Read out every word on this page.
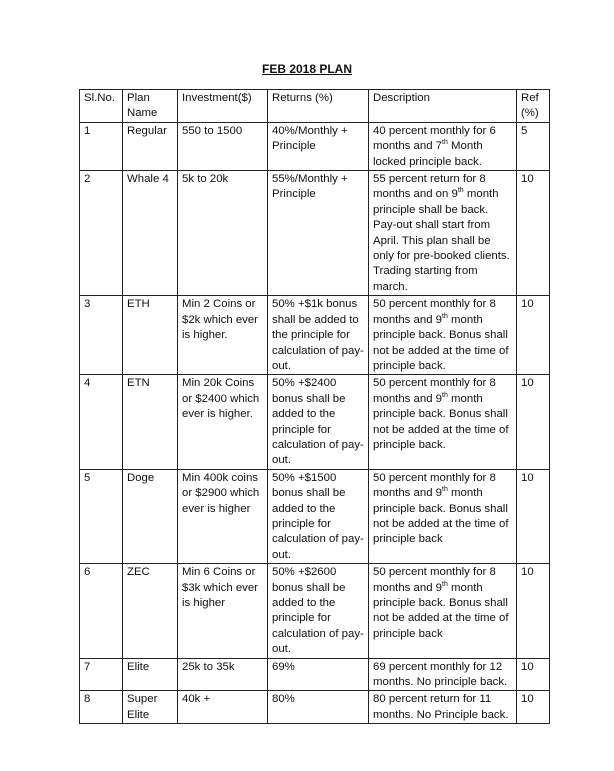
FEB 2018 PLAN
Sl.No.	Plan Name	Investment($)	Returns (%)	Description	Ref (%)
1	Regular	550 to 1500	40%/Monthly + Principle	40 percent monthly for 6 months and 7th Month locked principle back.	5
2	Whale 4	5k to 20k	55%/Monthly + Principle	55 percent return for 8 months and on 9th month principle shall be back. Pay-out shall start from April. This plan shall be only for pre-booked clients. Trading starting from march.	10
3	ETH	Min 2 Coins or $2k which ever is higher.	50% +$1k bonus shall be added to the principle for calculation of pay-out.	50 percent monthly for 8 months and 9th month principle back. Bonus shall not be added at the time of principle back.	10
4	ETN	Min 20k Coins or $2400 which ever is higher.	50% +$2400 bonus shall be added to the principle for calculation of pay-out.	50 percent monthly for 8 months and 9th month principle back. Bonus shall not be added at the time of principle back.	10
5	Doge	Min 400k coins or $2900 which ever is higher	50% +$1500 bonus shall be added to the principle for calculation of pay-out.	50 percent monthly for 8 months and 9th month principle back. Bonus shall not be added at the time of principle back	10
6	ZEC	Min 6 Coins or $3k which ever is higher	50% +$2600 bonus shall be added to the principle for calculation of pay-out.	50 percent monthly for 8 months and 9th month principle back. Bonus shall not be added at the time of principle back	10
7	Elite	25k to 35k	69%	69 percent monthly for 12 months. No principle back.	10
8	Super Elite	40k +	80%	80 percent return for 11 months. No Principle back.	10
